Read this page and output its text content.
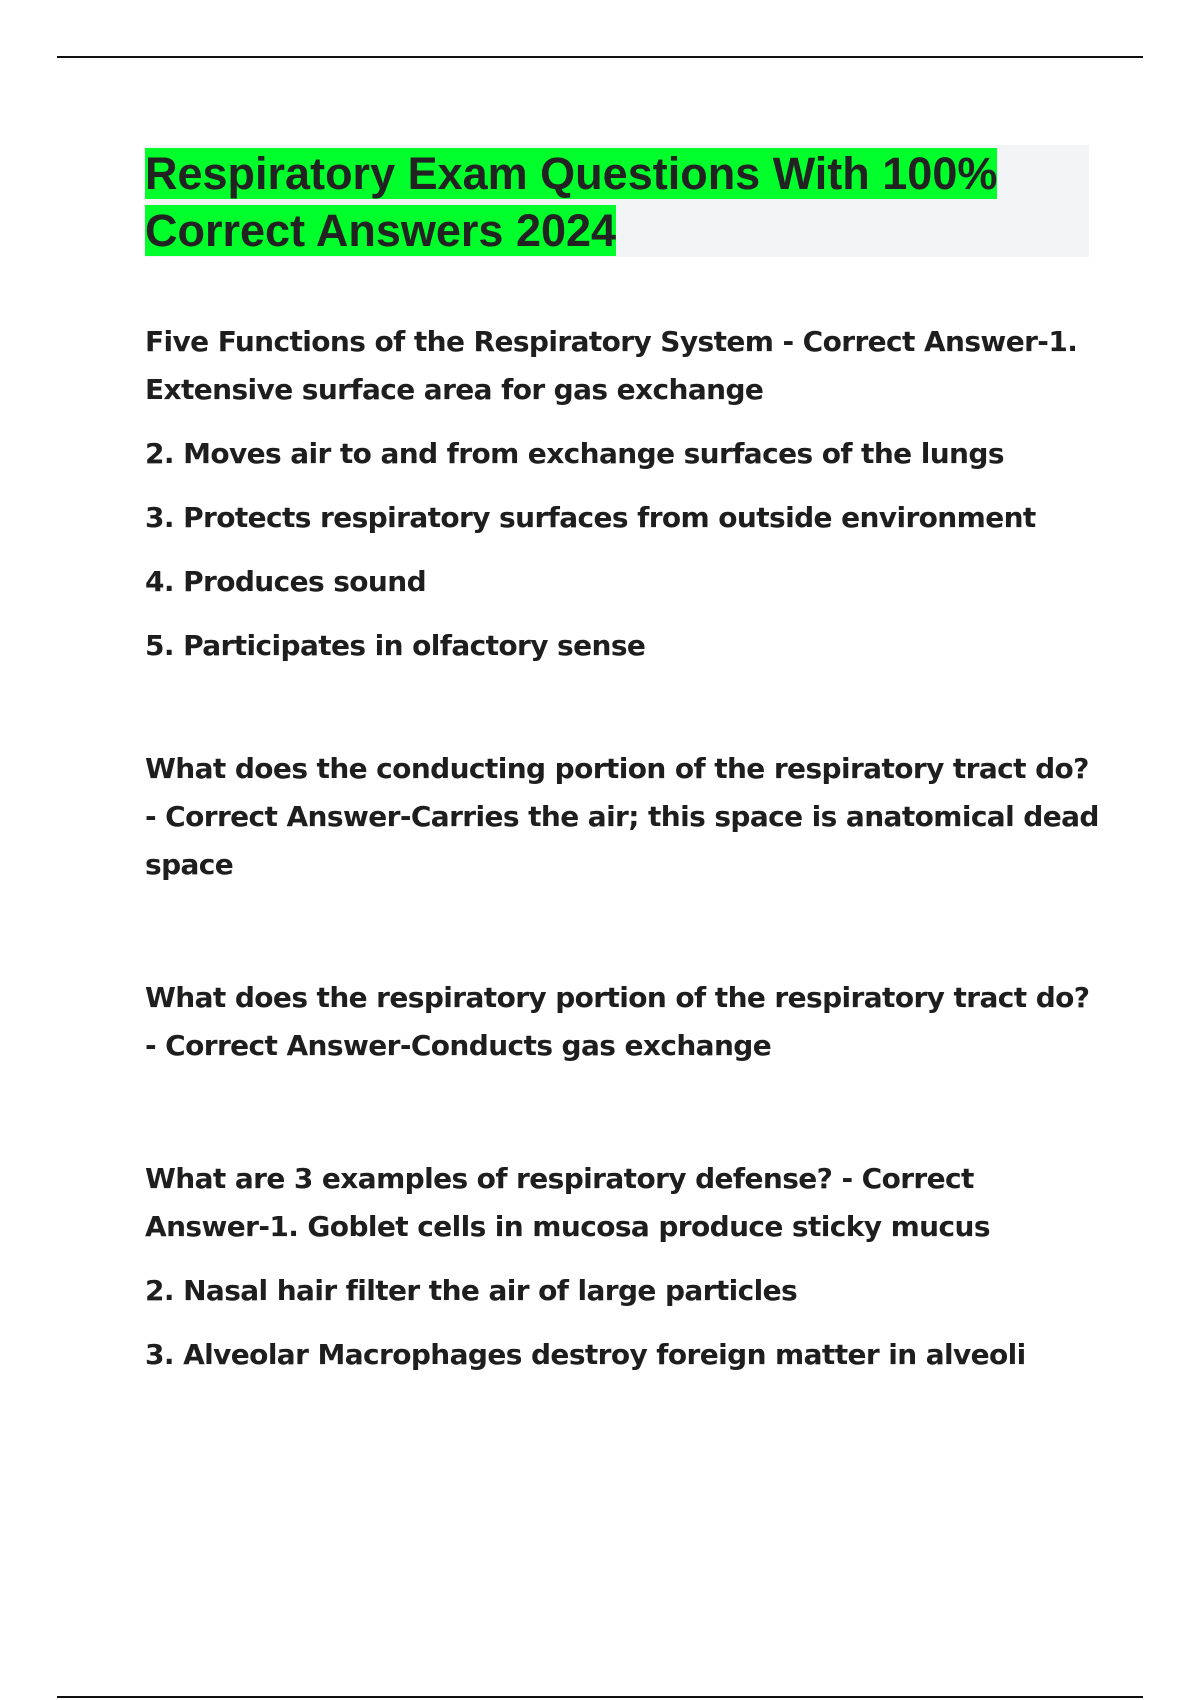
Respiratory Exam Questions With 100%
Correct Answers 2024

Five Functions of the Respiratory System - Correct Answer-1. Extensive surface area for gas exchange

2. Moves air to and from exchange surfaces of the lungs

3. Protects respiratory surfaces from outside environment

4. Produces sound

5. Participates in olfactory sense

What does the conducting portion of the respiratory tract do? - Correct Answer-Carries the air; this space is anatomical dead space

What does the respiratory portion of the respiratory tract do? - Correct Answer-Conducts gas exchange

What are 3 examples of respiratory defense? - Correct Answer-1. Goblet cells in mucosa produce sticky mucus

2. Nasal hair filter the air of large particles

3. Alveolar Macrophages destroy foreign matter in alveoli
